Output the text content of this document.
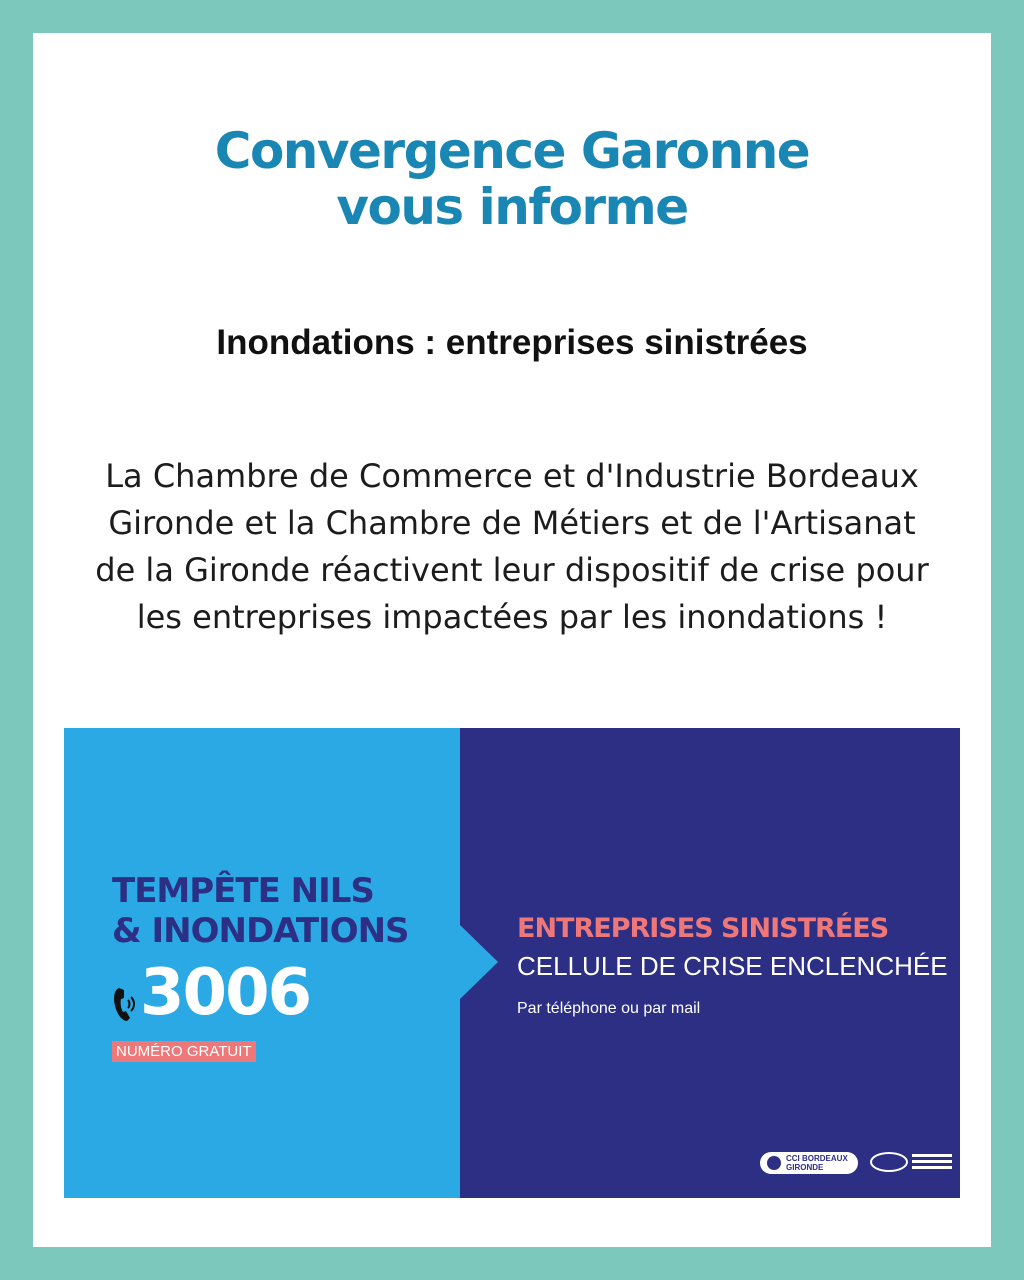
Convergence Garonne
vous informe
Inondations : entreprises sinistrées

La Chambre de Commerce et d'Industrie Bordeaux Gironde et la Chambre de Métiers et de l'Artisanat de la Gironde réactivent leur dispositif de crise pour les entreprises impactées par les inondations !

TEMPÊTE NILS
& INONDATIONS
3006
NUMÉRO GRATUIT
ENTREPRISES SINISTRÉES
CELLULE DE CRISE ENCLENCHÉE
Par téléphone ou par mail
CCI BORDEAUX
GIRONDE
